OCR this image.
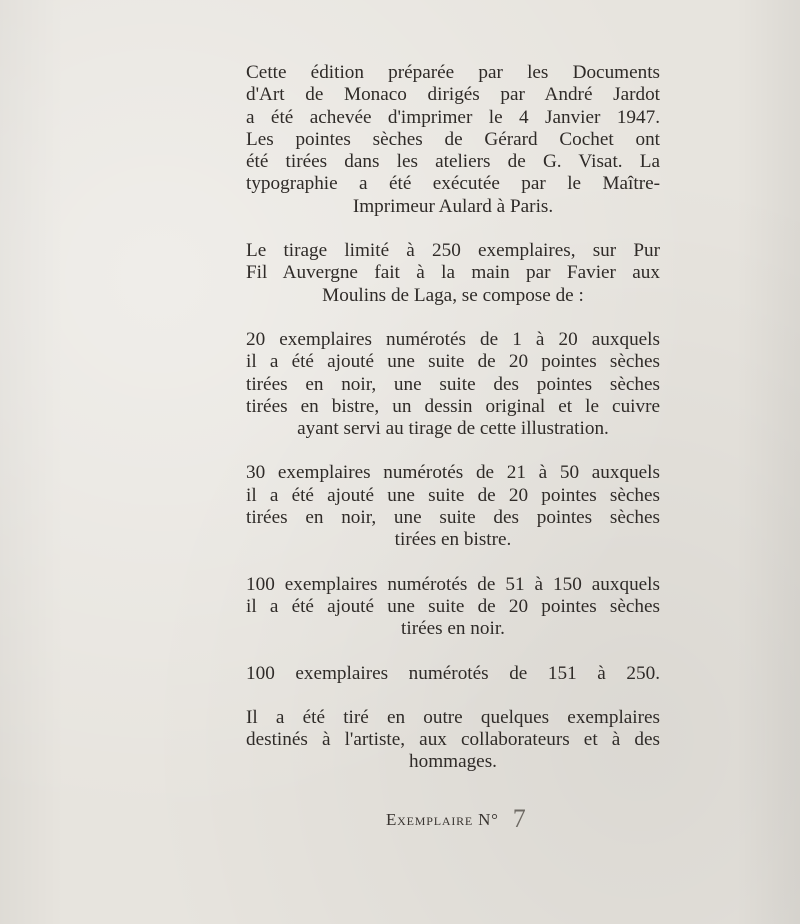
Cette édition préparée par les Documents
d'Art de Monaco dirigés par André Jardot
a été achevée d'imprimer le 4 Janvier 1947.
Les pointes sèches de Gérard Cochet ont
été tirées dans les ateliers de G. Visat. La
typographie a été exécutée par le Maître-
Imprimeur Aulard à Paris.
Le tirage limité à 250 exemplaires, sur Pur
Fil Auvergne fait à la main par Favier aux
Moulins de Laga, se compose de :
20 exemplaires numérotés de 1 à 20 auxquels
il a été ajouté une suite de 20 pointes sèches
tirées en noir, une suite des pointes sèches
tirées en bistre, un dessin original et le cuivre
ayant servi au tirage de cette illustration.
30 exemplaires numérotés de 21 à 50 auxquels
il a été ajouté une suite de 20 pointes sèches
tirées en noir, une suite des pointes sèches
tirées en bistre.
100 exemplaires numérotés de 51 à 150 auxquels
il a été ajouté une suite de 20 pointes sèches
tirées en noir.
100 exemplaires numérotés de 151 à 250.
Il a été tiré en outre quelques exemplaires
destinés à l'artiste, aux collaborateurs et à des
hommages.
Exemplaire N° 7
